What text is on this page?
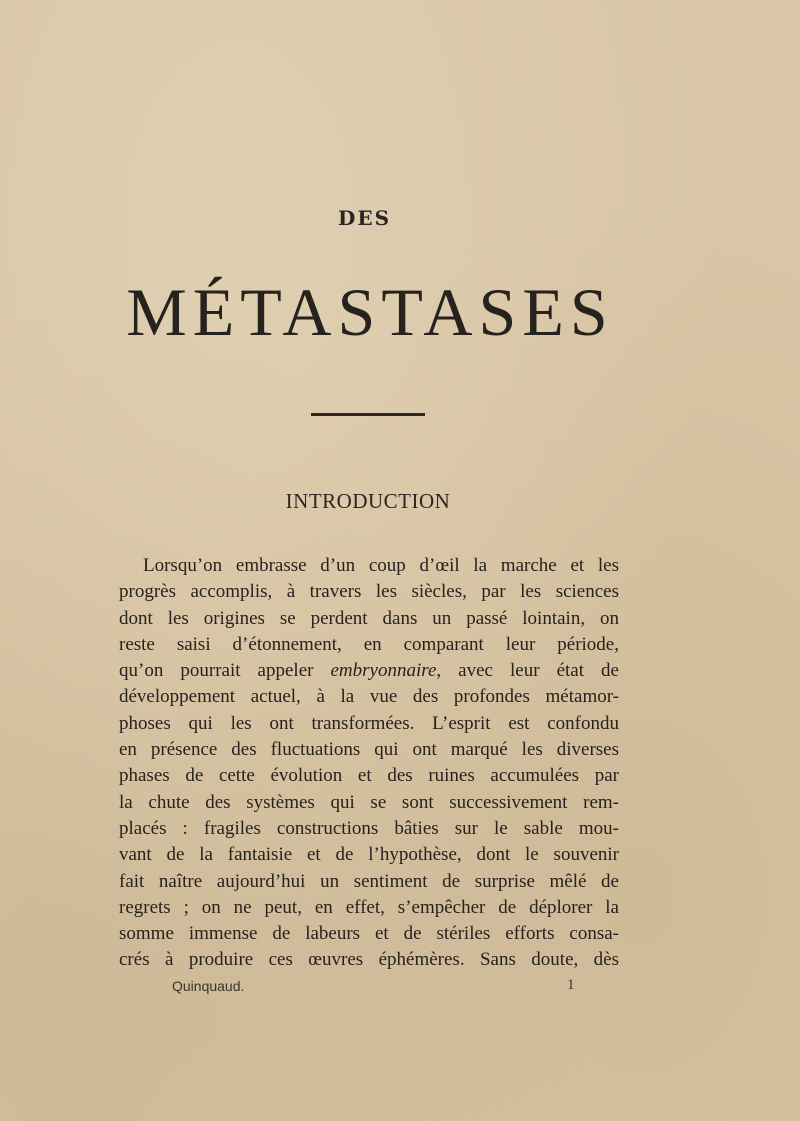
DES
MÉTASTASES
INTRODUCTION
Lorsqu’on embrasse d’un coup d’œil la marche et les
progrès accomplis, à travers les siècles, par les sciences
dont les origines se perdent dans un passé lointain, on
reste saisi d’étonnement, en comparant leur période,
qu’on pourrait appeler embryonnaire, avec leur état de
développement actuel, à la vue des profondes métamor-
phoses qui les ont transformées. L’esprit est confondu
en présence des fluctuations qui ont marqué les diverses
phases de cette évolution et des ruines accumulées par
la chute des systèmes qui se sont successivement rem-
placés : fragiles constructions bâties sur le sable mou-
vant de la fantaisie et de l’hypothèse, dont le souvenir
fait naître aujourd’hui un sentiment de surprise mêlé de
regrets ; on ne peut, en effet, s’empêcher de déplorer la
somme immense de labeurs et de stériles efforts consa-
crés à produire ces œuvres éphémères. Sans doute, dès
Quinquaud.	1
